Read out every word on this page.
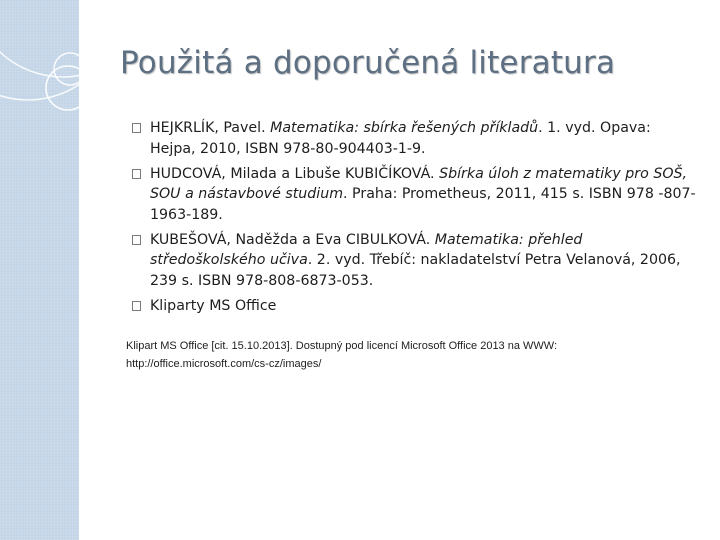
Použitá a doporučená literatura
HEJKRLÍK, Pavel. Matematika: sbírka řešených příkladů. 1. vyd. Opava: Hejpa, 2010, ISBN 978-80-904403-1-9.
HUDCOVÁ, Milada a Libuše KUBIČÍKOVÁ. Sbírka úloh z matematiky pro SOŠ, SOU a nástavbové studium. Praha: Prometheus, 2011, 415 s. ISBN 978 -807-1963-189.
KUBEŠOVÁ, Naděžda a Eva CIBULKOVÁ. Matematika: přehled středoškolského učiva. 2. vyd. Třebíč: nakladatelství Petra Velanová, 2006, 239 s. ISBN 978-808-6873-053.
Kliparty MS Office
Klipart MS Office [cit. 15.10.2013]. Dostupný pod licencí Microsoft Office 2013 na WWW:
http://office.microsoft.com/cs-cz/images/
